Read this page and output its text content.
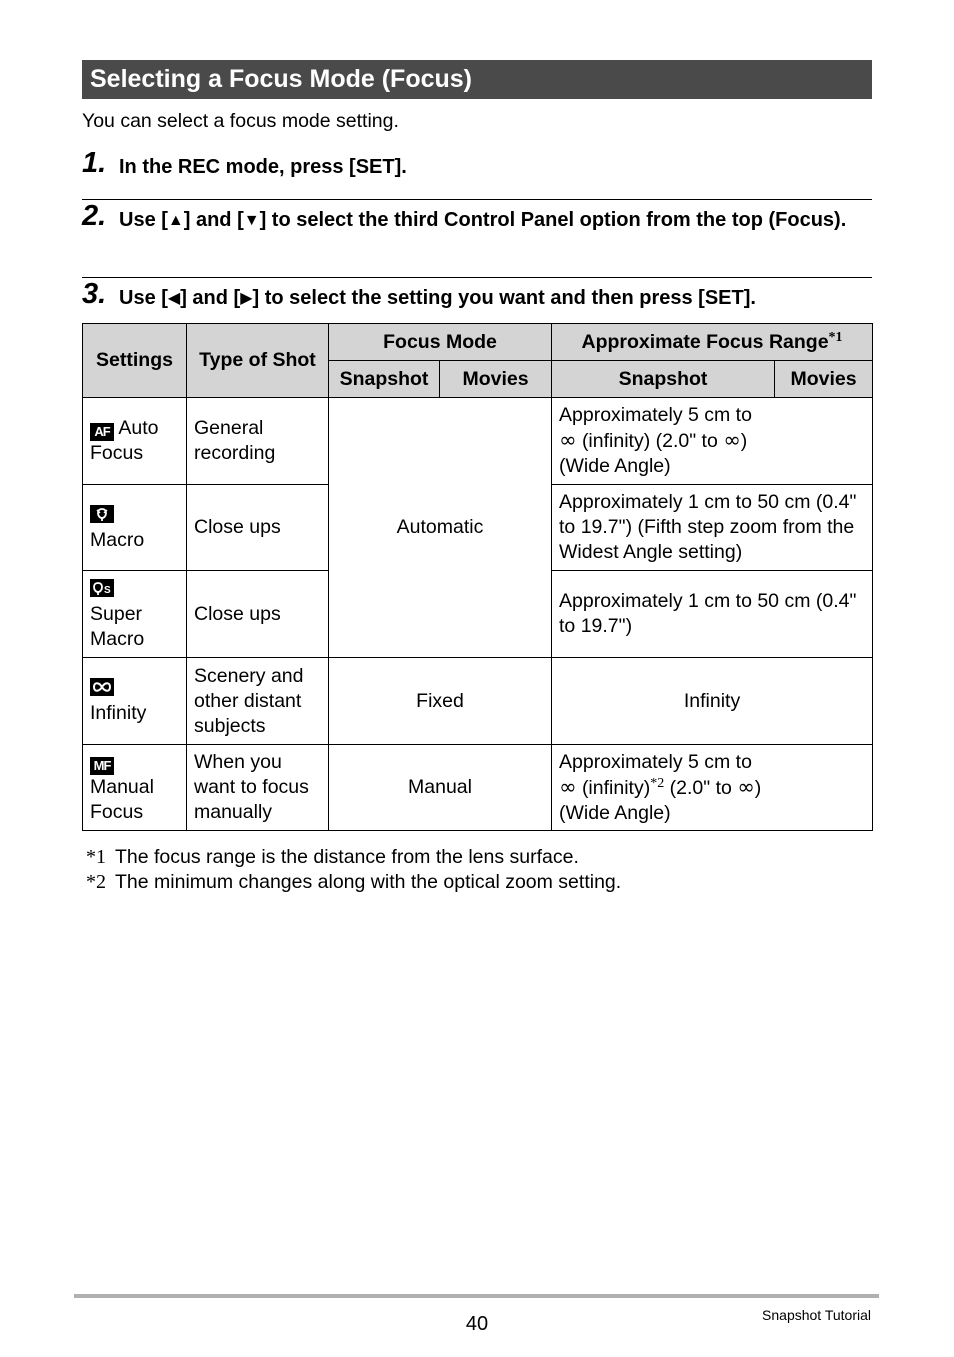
Selecting a Focus Mode (Focus)
You can select a focus mode setting.
1. In the REC mode, press [SET].
2. Use [▲] and [▼] to select the third Control Panel option from the top (Focus).
3. Use [◀] and [▶] to select the setting you want and then press [SET].
Settings	Type of Shot	Focus Mode		Approximate Focus Range$^{*1}$
		Snapshot	Movies	Snapshot	Movies
AF Auto Focus	General recording	Automatic		Approximately 5 cm to
∞ (infinity) (2.0" to ∞)
(Wide Angle)	

Macro	Close ups			Approximately 1 cm to 50 cm (0.4" to 19.7") (Fifth step zoom from the Widest Angle setting)	

S

Super Macro	Close ups			Approximately 1 cm to 50 cm (0.4" to 19.7")	

Infinity	Scenery and other distant subjects	Fixed		Infinity	
MF
Manual Focus	When you want to focus manually	Manual		Approximately 5 cm to
∞ (infinity)$^{*2}$ (2.0" to ∞)
(Wide Angle)	
*1 The focus range is the distance from the lens surface.
*2 The minimum changes along with the optical zoom setting.
40	Snapshot Tutorial
